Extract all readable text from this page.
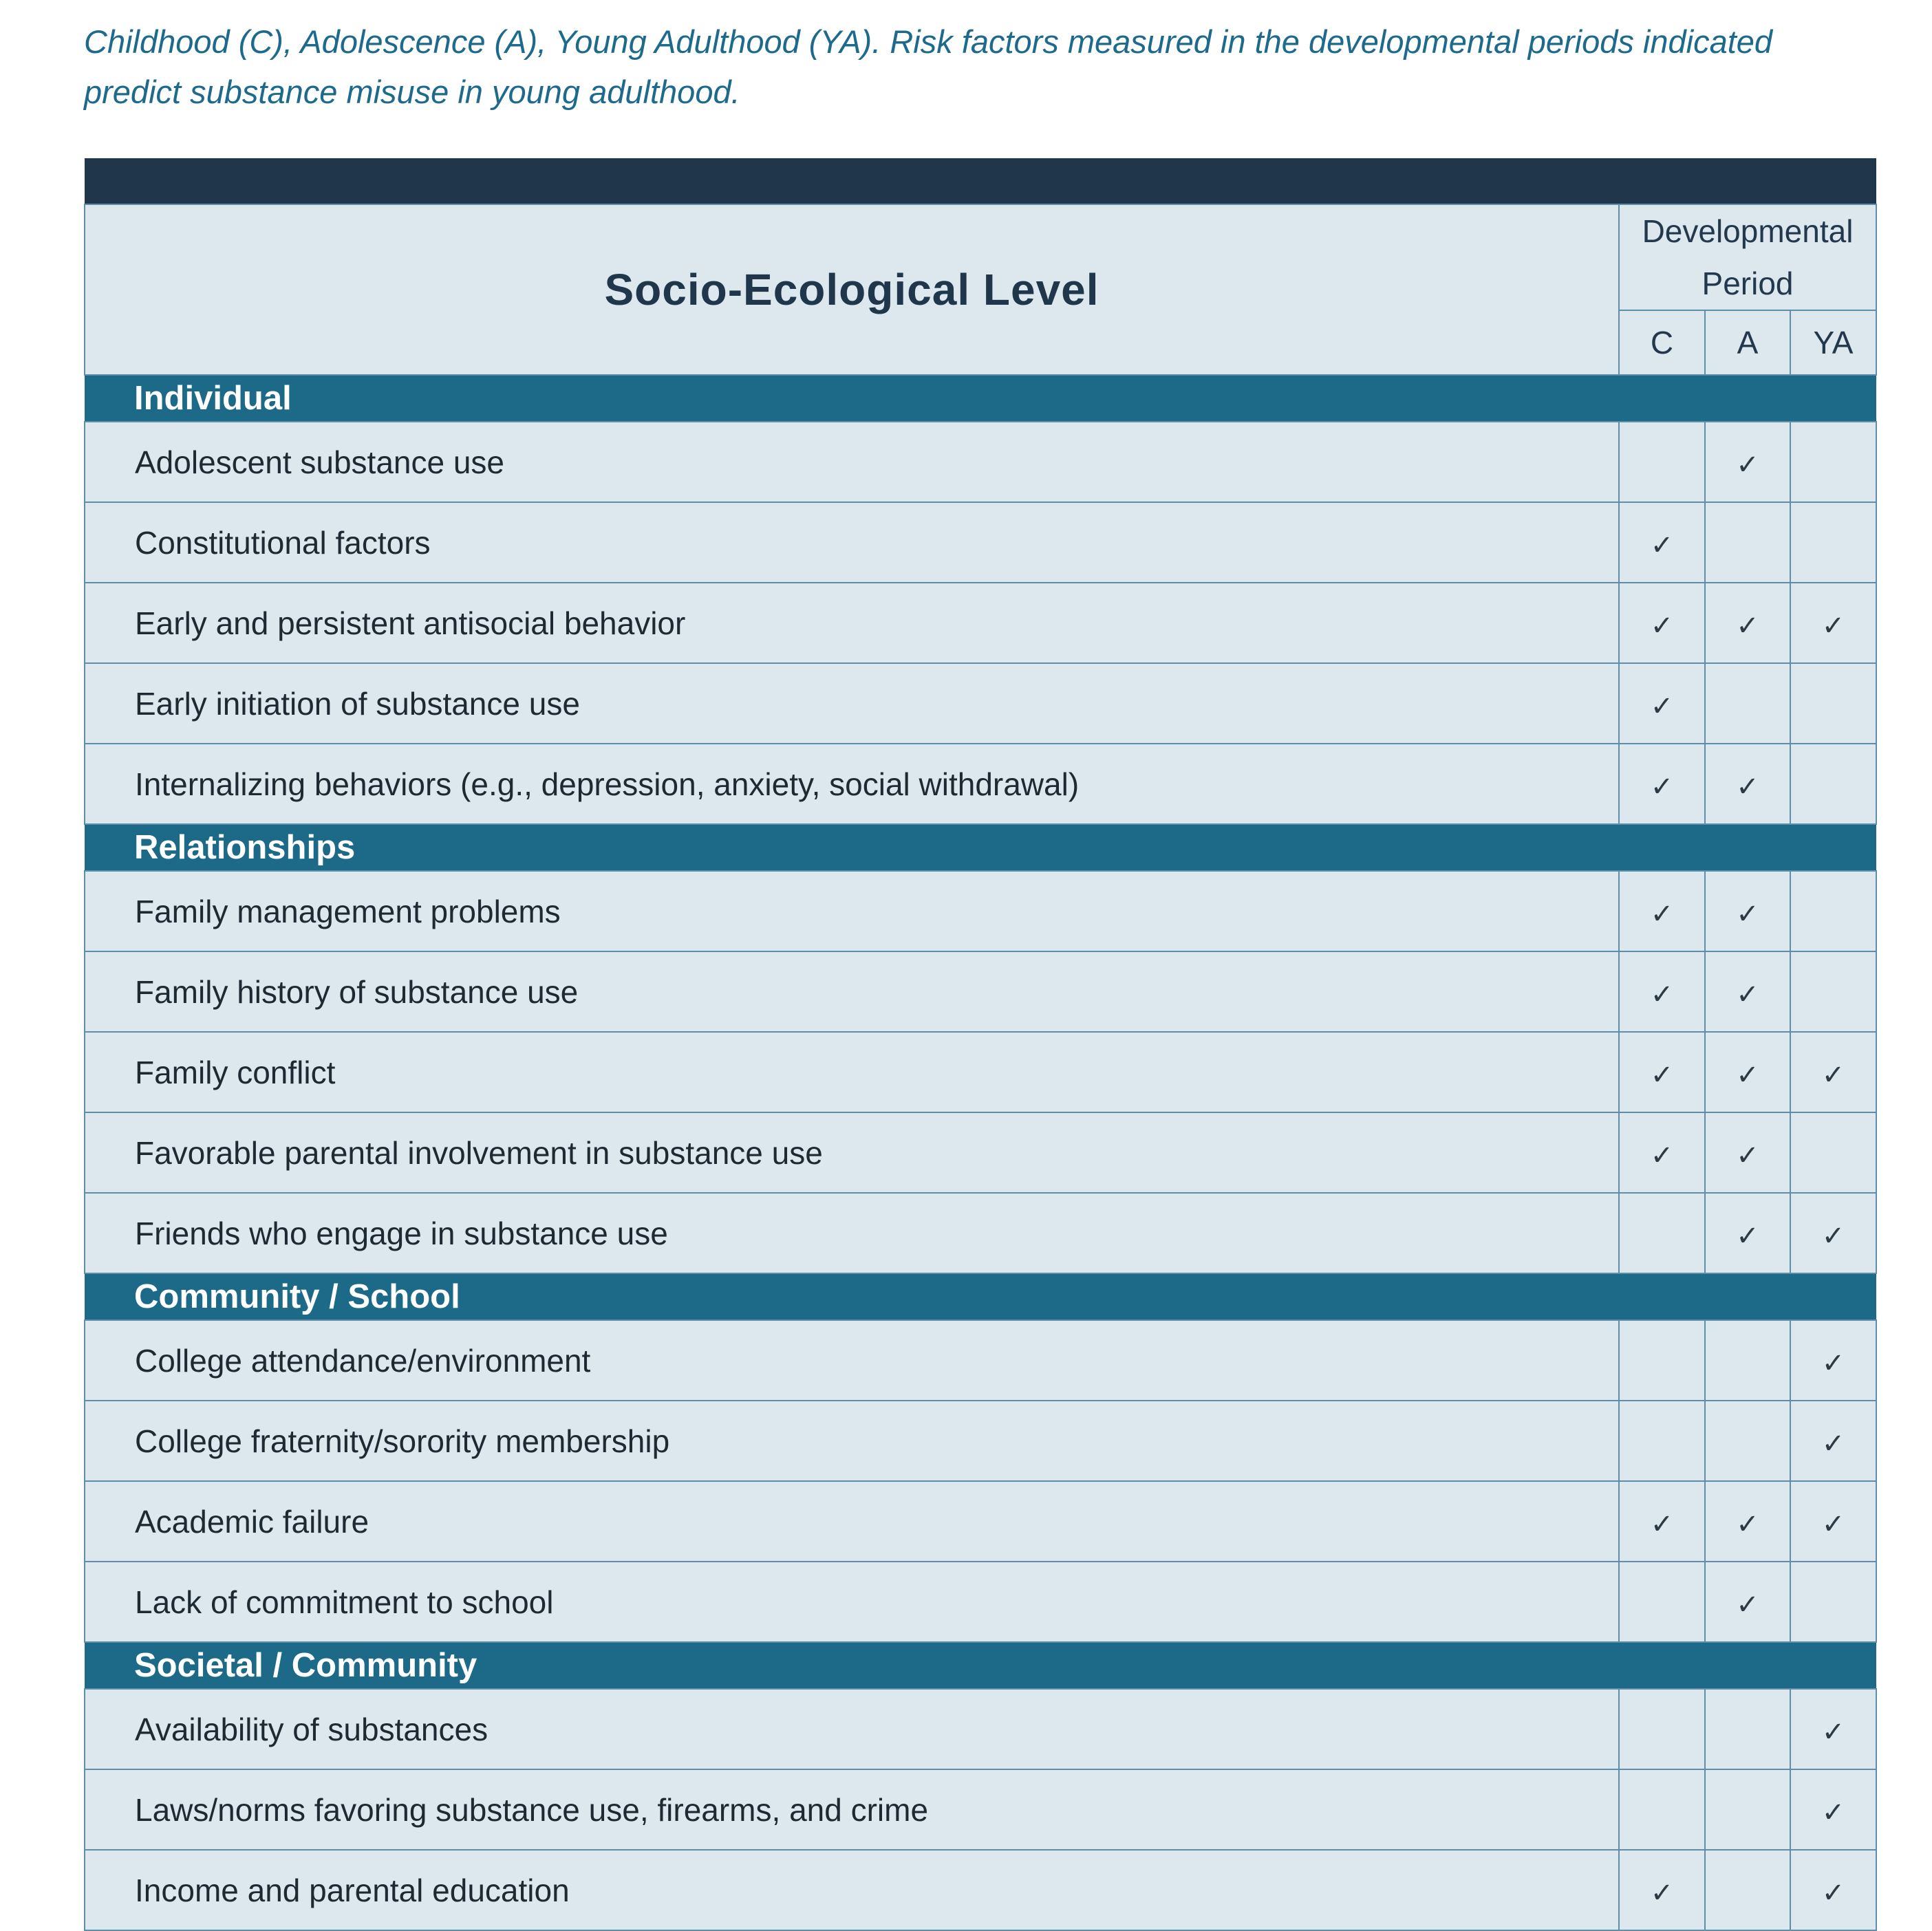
Childhood (C), Adolescence (A), Young Adulthood (YA). Risk factors measured in the developmental periods indicated predict substance misuse in young adulthood.

Socio-Ecological Level	Developmental Period		
	C	A	YA
Individual			
Adolescent substance use		✓	
Constitutional factors	✓		
Early and persistent antisocial behavior	✓	✓	✓
Early initiation of substance use	✓		
Internalizing behaviors (e.g., depression, anxiety, social withdrawal)	✓	✓	
Relationships			
Family management problems	✓	✓	
Family history of substance use	✓	✓	
Family conflict	✓	✓	✓
Favorable parental involvement in substance use	✓	✓	
Friends who engage in substance use		✓	✓
Community / School			
College attendance/environment			✓
College fraternity/sorority membership			✓
Academic failure	✓	✓	✓
Lack of commitment to school		✓	
Societal / Community			
Availability of substances			✓
Laws/norms favoring substance use, firearms, and crime			✓
Income and parental education	✓		✓
